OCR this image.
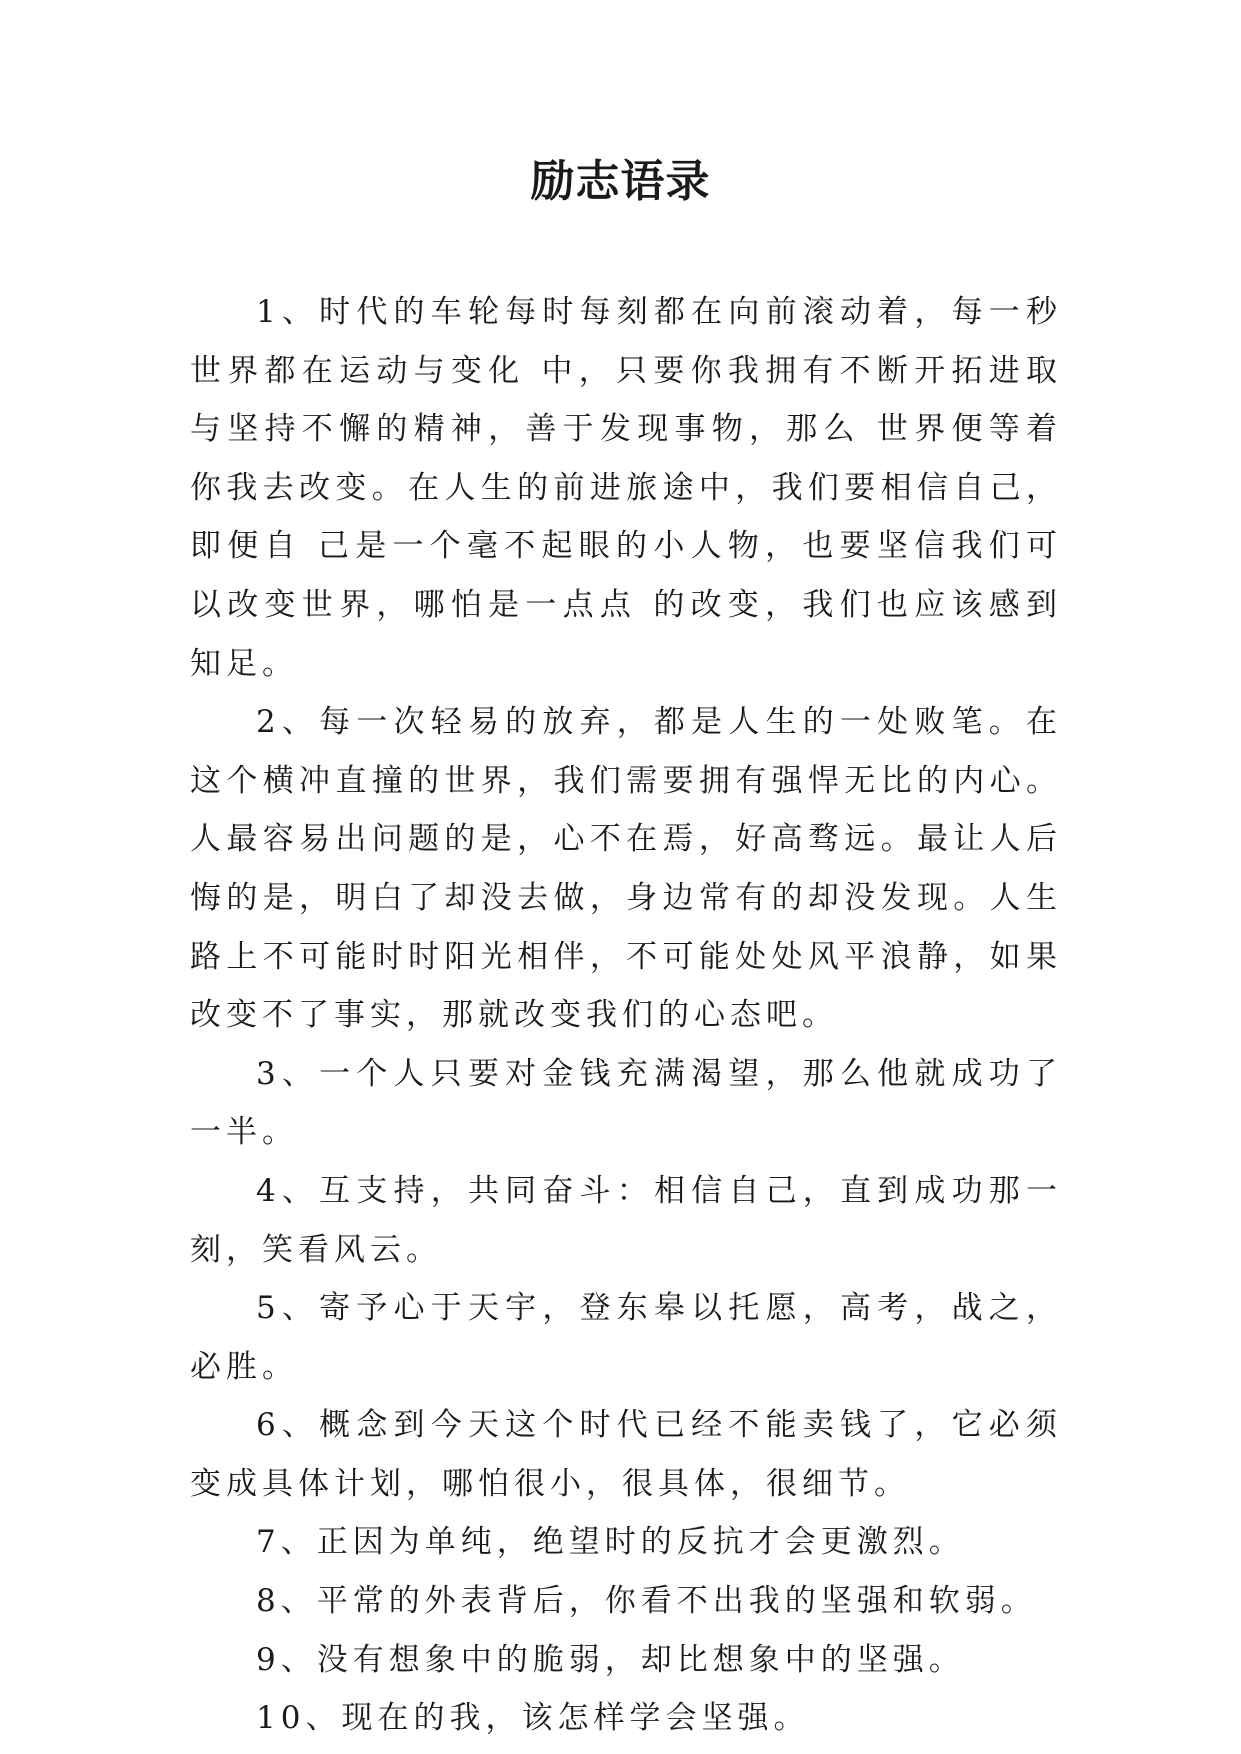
励志语录

1、时代的车轮每时每刻都在向前滚动着，每一秒世界都在运动与变化 中，只要你我拥有不断开拓进取与坚持不懈的精神，善于发现事物，那么 世界便等着你我去改变。在人生的前进旅途中，我们要相信自己，即便自 己是一个毫不起眼的小人物，也要坚信我们可以改变世界，哪怕是一点点 的改变，我们也应该感到知足。

2、每一次轻易的放弃，都是人生的一处败笔。在这个横冲直撞的世界，我们需要拥有强悍无比的内心。人最容易出问题的是，心不在焉，好高骛远。最让人后悔的是，明白了却没去做，身边常有的却没发现。人生路上不可能时时阳光相伴，不可能处处风平浪静，如果改变不了事实，那就改变我们的心态吧。

3、一个人只要对金钱充满渴望，那么他就成功了一半。

4、互支持，共同奋斗：相信自己，直到成功那一刻，笑看风云。

5、寄予心于天宇，登东皋以托愿，高考，战之，必胜。

6、概念到今天这个时代已经不能卖钱了，它必须变成具体计划，哪怕很小，很具体，很细节。

7、正因为单纯，绝望时的反抗才会更激烈。

8、平常的外表背后，你看不出我的坚强和软弱。

9、没有想象中的脆弱，却比想象中的坚强。

10、现在的我，该怎样学会坚强。
